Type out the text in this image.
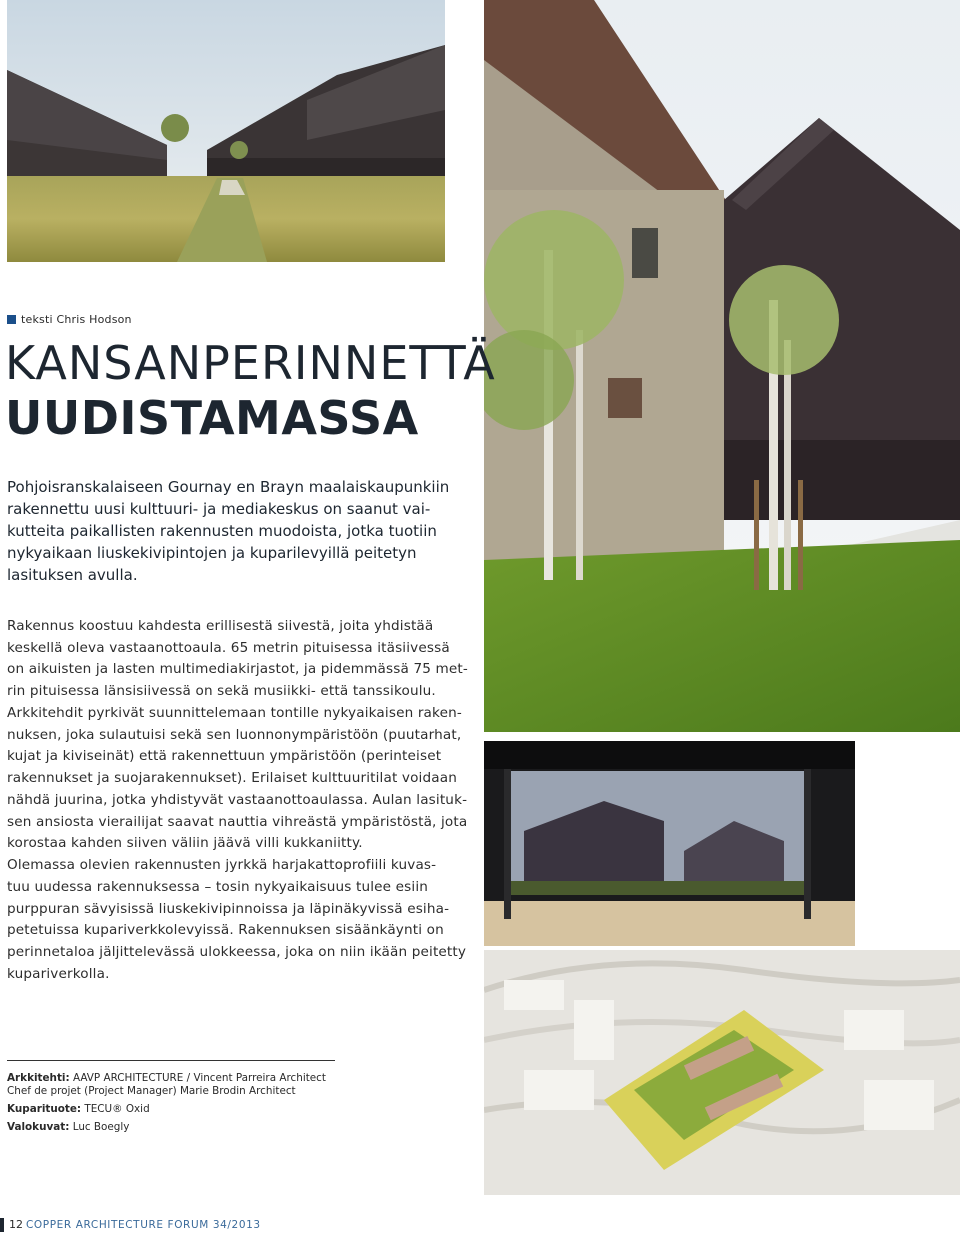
teksti Chris Hodson
KANSANPERINNETTÄ
UUDISTAMASSA
Pohjoisranskalaiseen Gournay en Brayn maalaiskaupunkiin
rakennettu uusi kulttuuri- ja mediakeskus on saanut vai-
kutteita paikallisten rakennusten muodoista, jotka tuotiin
nykyaikaan liuskekivipintojen ja kuparilevyillä peitetyn
lasituksen avulla.
Rakennus koostuu kahdesta erillisestä siivestä, joita yhdistää
keskellä oleva vastaanottoaula. 65 metrin pituisessa itäsiivessä
on aikuisten ja lasten multimediakirjastot, ja pidemmässä 75 met-
rin pituisessa länsisiivessä on sekä musiikki- että tanssikoulu.
Arkkitehdit pyrkivät suunnittelemaan tontille nykyaikaisen raken-
nuksen, joka sulautuisi sekä sen luonnonympäristöön (puutarhat,
kujat ja kiviseinät) että rakennettuun ympäristöön (perinteiset
rakennukset ja suojarakennukset). Erilaiset kulttuuritilat voidaan
nähdä juurina, jotka yhdistyvät vastaanottoaulassa. Aulan lasituk-
sen ansiosta vierailijat saavat nauttia vihreästä ympäristöstä, jota
korostaa kahden siiven väliin jäävä villi kukkaniitty.
Olemassa olevien rakennusten jyrkkä harjakattoprofiili kuvas-
tuu uudessa rakennuksessa – tosin nykyaikaisuus tulee esiin
purppuran sävyisissä liuskekivipinnoissa ja läpinäkyvissä esiha-
petetuissa kupariverkkolevyissä. Rakennuksen sisäänkäynti on
perinnetaloa jäljittelevässä ulokkeessa, joka on niin ikään peitetty
kupariverkolla.
Arkkitehti: AAVP ARCHITECTURE / Vincent Parreira Architect
Chef de projet (Project Manager) Marie Brodin Architect
Kuparituote: TECU® Oxid
Valokuvat: Luc Boegly
12 COPPER ARCHITECTURE FORUM 34/2013
